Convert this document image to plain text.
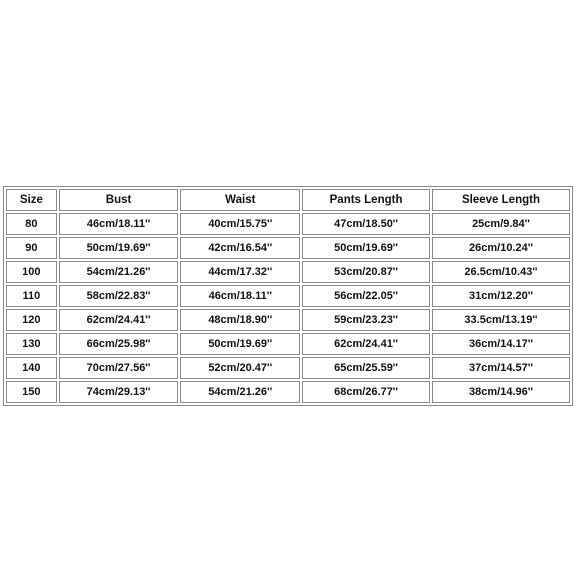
Size	Bust	Waist	Pants Length	Sleeve Length
80	46cm/18.11''	40cm/15.75''	47cm/18.50''	25cm/9.84''
90	50cm/19.69''	42cm/16.54''	50cm/19.69''	26cm/10.24''
100	54cm/21.26''	44cm/17.32''	53cm/20.87''	26.5cm/10.43''
110	58cm/22.83''	46cm/18.11''	56cm/22.05''	31cm/12.20''
120	62cm/24.41''	48cm/18.90''	59cm/23.23''	33.5cm/13.19''
130	66cm/25.98''	50cm/19.69''	62cm/24.41''	36cm/14.17''
140	70cm/27.56''	52cm/20.47''	65cm/25.59''	37cm/14.57''
150	74cm/29.13''	54cm/21.26''	68cm/26.77''	38cm/14.96''
